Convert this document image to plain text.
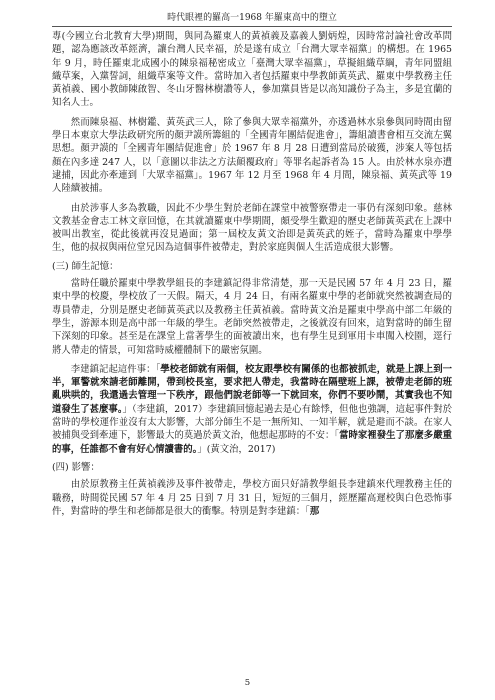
時代眼裡的羅高一1968 年羅東高中的墮立

專(今國立台北教育大學)期間，與同為羅東人的黃禎義及嘉義人劉炳煌，因時常討論社會改革問題，認為應該改革經濟，讓台灣人民幸福，於是遂有成立「台灣大眾幸福黨」的構想。在 1965 年 9 月，時任羅東北成國小的陳泉福秘密成立「臺灣大眾幸福黨」，草擬組織草綱，青年同盟組織草案，入黨誓詞，組織草案等文件。當時加入者包括羅東中學教師黃英武、羅東中學教務主任黃禎義、國小教師陳啟智、冬山牙醫林樹讚等人，參加黨員皆是以高知識份子為主，多是宜蘭的知名人士。

然而陳泉福、林樹鑑、黃英武三人，除了參與大眾幸福黨外，亦透過林水泉參與同時間由留學日本東京大學法政研究所的顏尹謨所籌組的「全國青年團結促進會」，籌組讀書會相互交流左翼思想。顏尹謨的「全國青年團結促進會」於 1967 年 8 月 28 日遭到當局於破獲，涉案人等包括顏在內多達 247 人，以「意圖以非法之方法顛覆政府」等罪名起訴者為 15 人。由於林水泉亦遭逮捕，因此亦牽連到「大眾幸福黨」。1967 年 12 月至 1968 年 4 月間，陳泉福、黃英武等 19 人陸續被捕。

由於涉事人多為教職，因此不少學生對於老師在課堂中被警察帶走一事仍有深刻印象。慈林文教基金會志工林文章回憶，在其就讀羅東中學期間，頗受學生歡迎的歷史老師黃英武在上課中被叫出教室，從此後就再沒見過面；第一屆校友黃文治即是黃英武的姪子，當時為羅東中學學生，他的叔叔與兩位堂兄因為這個事件被帶走，對於家庭與個人生活造成很大影響。

(三) 師生記憶：

當時任職於羅東中學教學組長的李建鎮記得非常清楚，那一天是民國 57 年 4 月 23 日，羅東中學的校慶，學校放了一天假。隔天，4 月 24 日，有兩名羅東中學的老師就突然被調查局的專員帶走，分別是歷史老師黃英武以及教務主任黃禎義。當時黃文治是羅東中學高中部二年級的學生，游源本則是高中部一年級的學生。老師突然被帶走，之後就沒有回來，這對當時的師生留下深刻的印象。甚至是在課堂上當著學生的面被讀出來，也有學生見到軍用卡車闖入校園，逕行將人帶走的情景，可知當時威權體制下的嚴密氛圍。

李建鎮記起這件事：「學校老師就有兩個，校友跟學校有關係的也都被抓走，就是上課上到一半，軍警就來請老師離開，帶到校長室，要求把人帶走，我當時在隔壁班上課，被帶走老師的班亂哄哄的，我還過去管理一下秩序，跟他們說老師等一下就回來，你們不要吵鬧，其實我也不知道發生了甚麼事。」（李建鎮，2017）李建鎮回憶起過去是心有餘悸，但他也強調，這起事件對於當時的學校運作並沒有太大影響，大部分師生不是一無所知、一知半解，就是避而不談。在家人被捕與受到牽連下，影響最大的莫過於黃文治，他想起那時的不安：「當時家裡發生了那麼多嚴重的事，任誰都不會有好心情讀書的。」(黃文治，2017)

(四) 影響：

由於原教務主任黃禎義涉及事件被帶走，學校方面只好請教學組長李建鎮來代理教務主任的職務，時間從民國 57 年 4 月 25 日到 7 月 31 日，短短的三個月，經歷羅高遲校與白色恐怖事件，對當時的學生和老師都是很大的衝擊。特別是對李建鎮：「那

5
